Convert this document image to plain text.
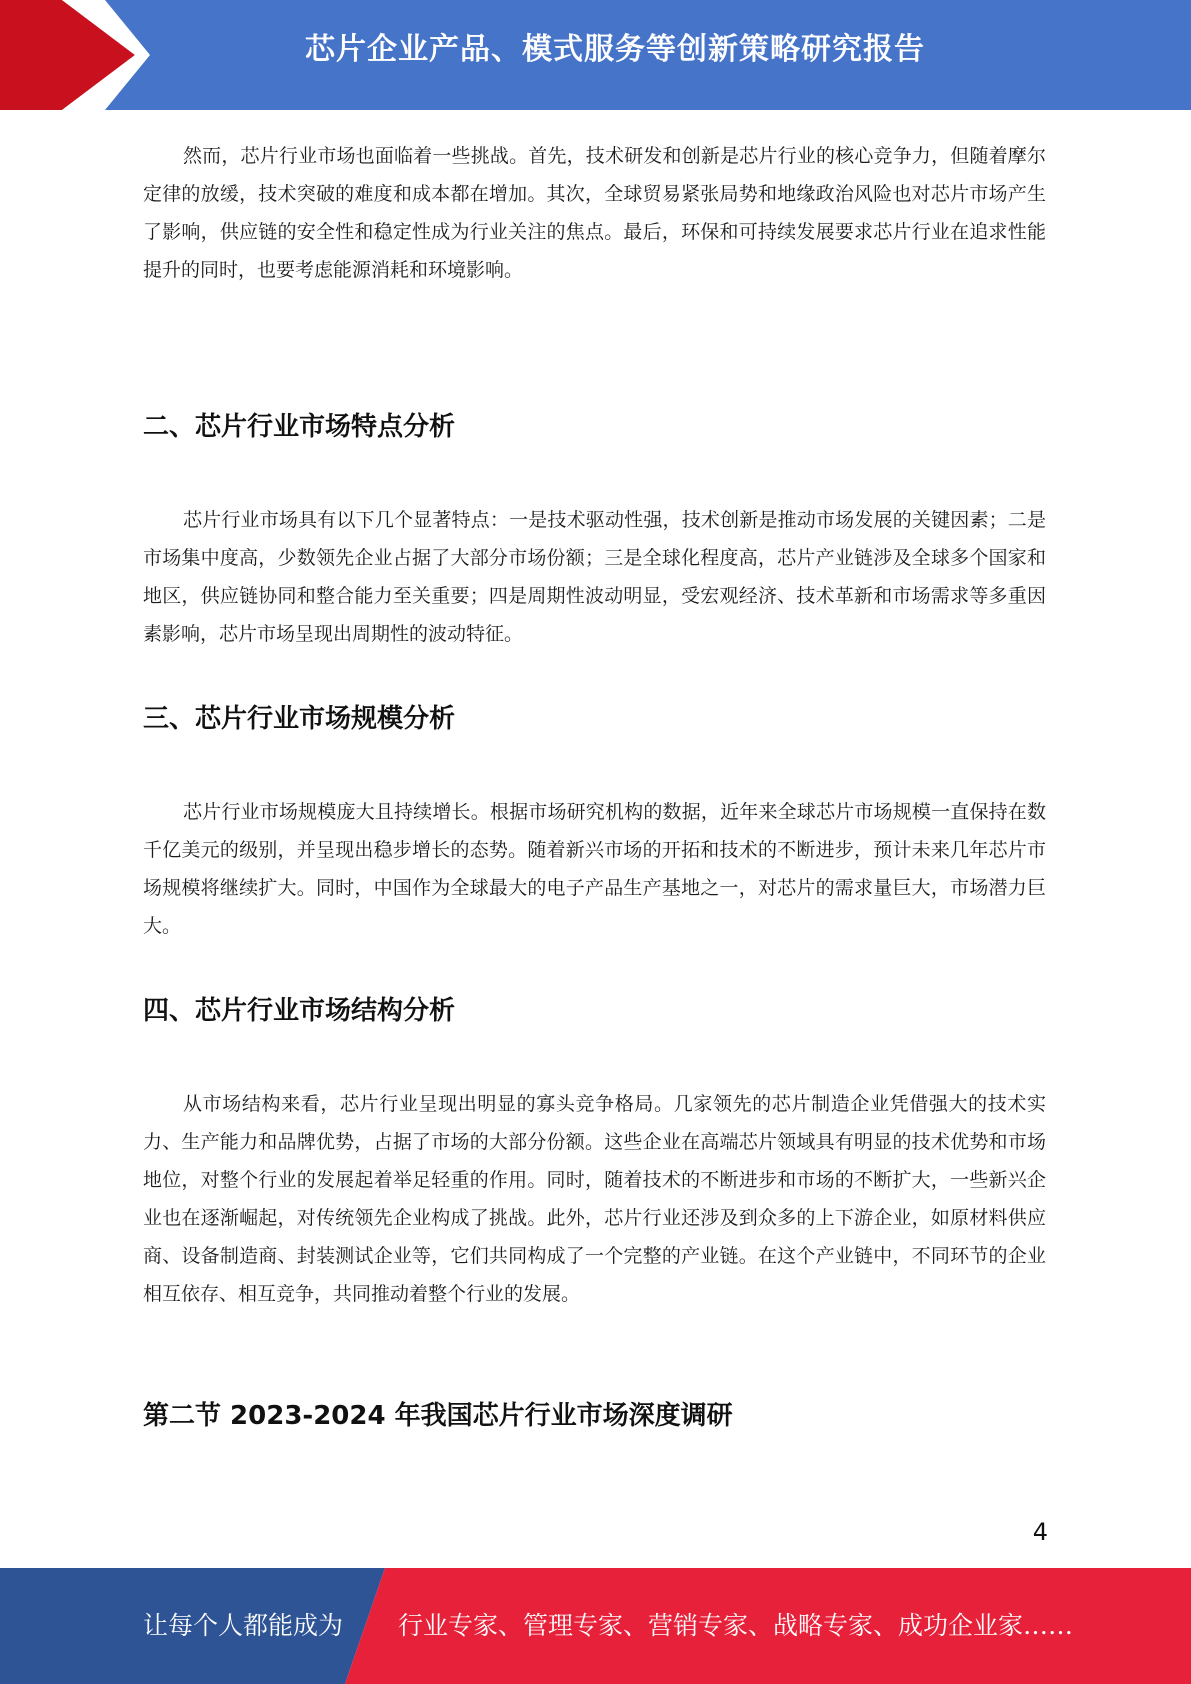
芯片企业产品、模式服务等创新策略研究报告

然而，芯片行业市场也面临着一些挑战。首先，技术研发和创新是芯片行业的核心竞争力，但随着摩尔定律的放缓，技术突破的难度和成本都在增加。其次，全球贸易紧张局势和地缘政治风险也对芯片市场产生了影响，供应链的安全性和稳定性成为行业关注的焦点。最后，环保和可持续发展要求芯片行业在追求性能提升的同时，也要考虑能源消耗和环境影响。

二、芯片行业市场特点分析

芯片行业市场具有以下几个显著特点：一是技术驱动性强，技术创新是推动市场发展的关键因素；二是市场集中度高，少数领先企业占据了大部分市场份额；三是全球化程度高，芯片产业链涉及全球多个国家和地区，供应链协同和整合能力至关重要；四是周期性波动明显，受宏观经济、技术革新和市场需求等多重因素影响，芯片市场呈现出周期性的波动特征。

三、芯片行业市场规模分析

芯片行业市场规模庞大且持续增长。根据市场研究机构的数据，近年来全球芯片市场规模一直保持在数千亿美元的级别，并呈现出稳步增长的态势。随着新兴市场的开拓和技术的不断进步，预计未来几年芯片市场规模将继续扩大。同时，中国作为全球最大的电子产品生产基地之一，对芯片的需求量巨大，市场潜力巨大。

四、芯片行业市场结构分析

从市场结构来看，芯片行业呈现出明显的寡头竞争格局。几家领先的芯片制造企业凭借强大的技术实力、生产能力和品牌优势，占据了市场的大部分份额。这些企业在高端芯片领域具有明显的技术优势和市场地位，对整个行业的发展起着举足轻重的作用。同时，随着技术的不断进步和市场的不断扩大，一些新兴企业也在逐渐崛起，对传统领先企业构成了挑战。此外，芯片行业还涉及到众多的上下游企业，如原材料供应商、设备制造商、封装测试企业等，它们共同构成了一个完整的产业链。在这个产业链中，不同环节的企业相互依存、相互竞争，共同推动着整个行业的发展。

第二节 2023-2024 年我国芯片行业市场深度调研
4
让每个人都能成为 行业专家、管理专家、营销专家、战略专家、成功企业家……
